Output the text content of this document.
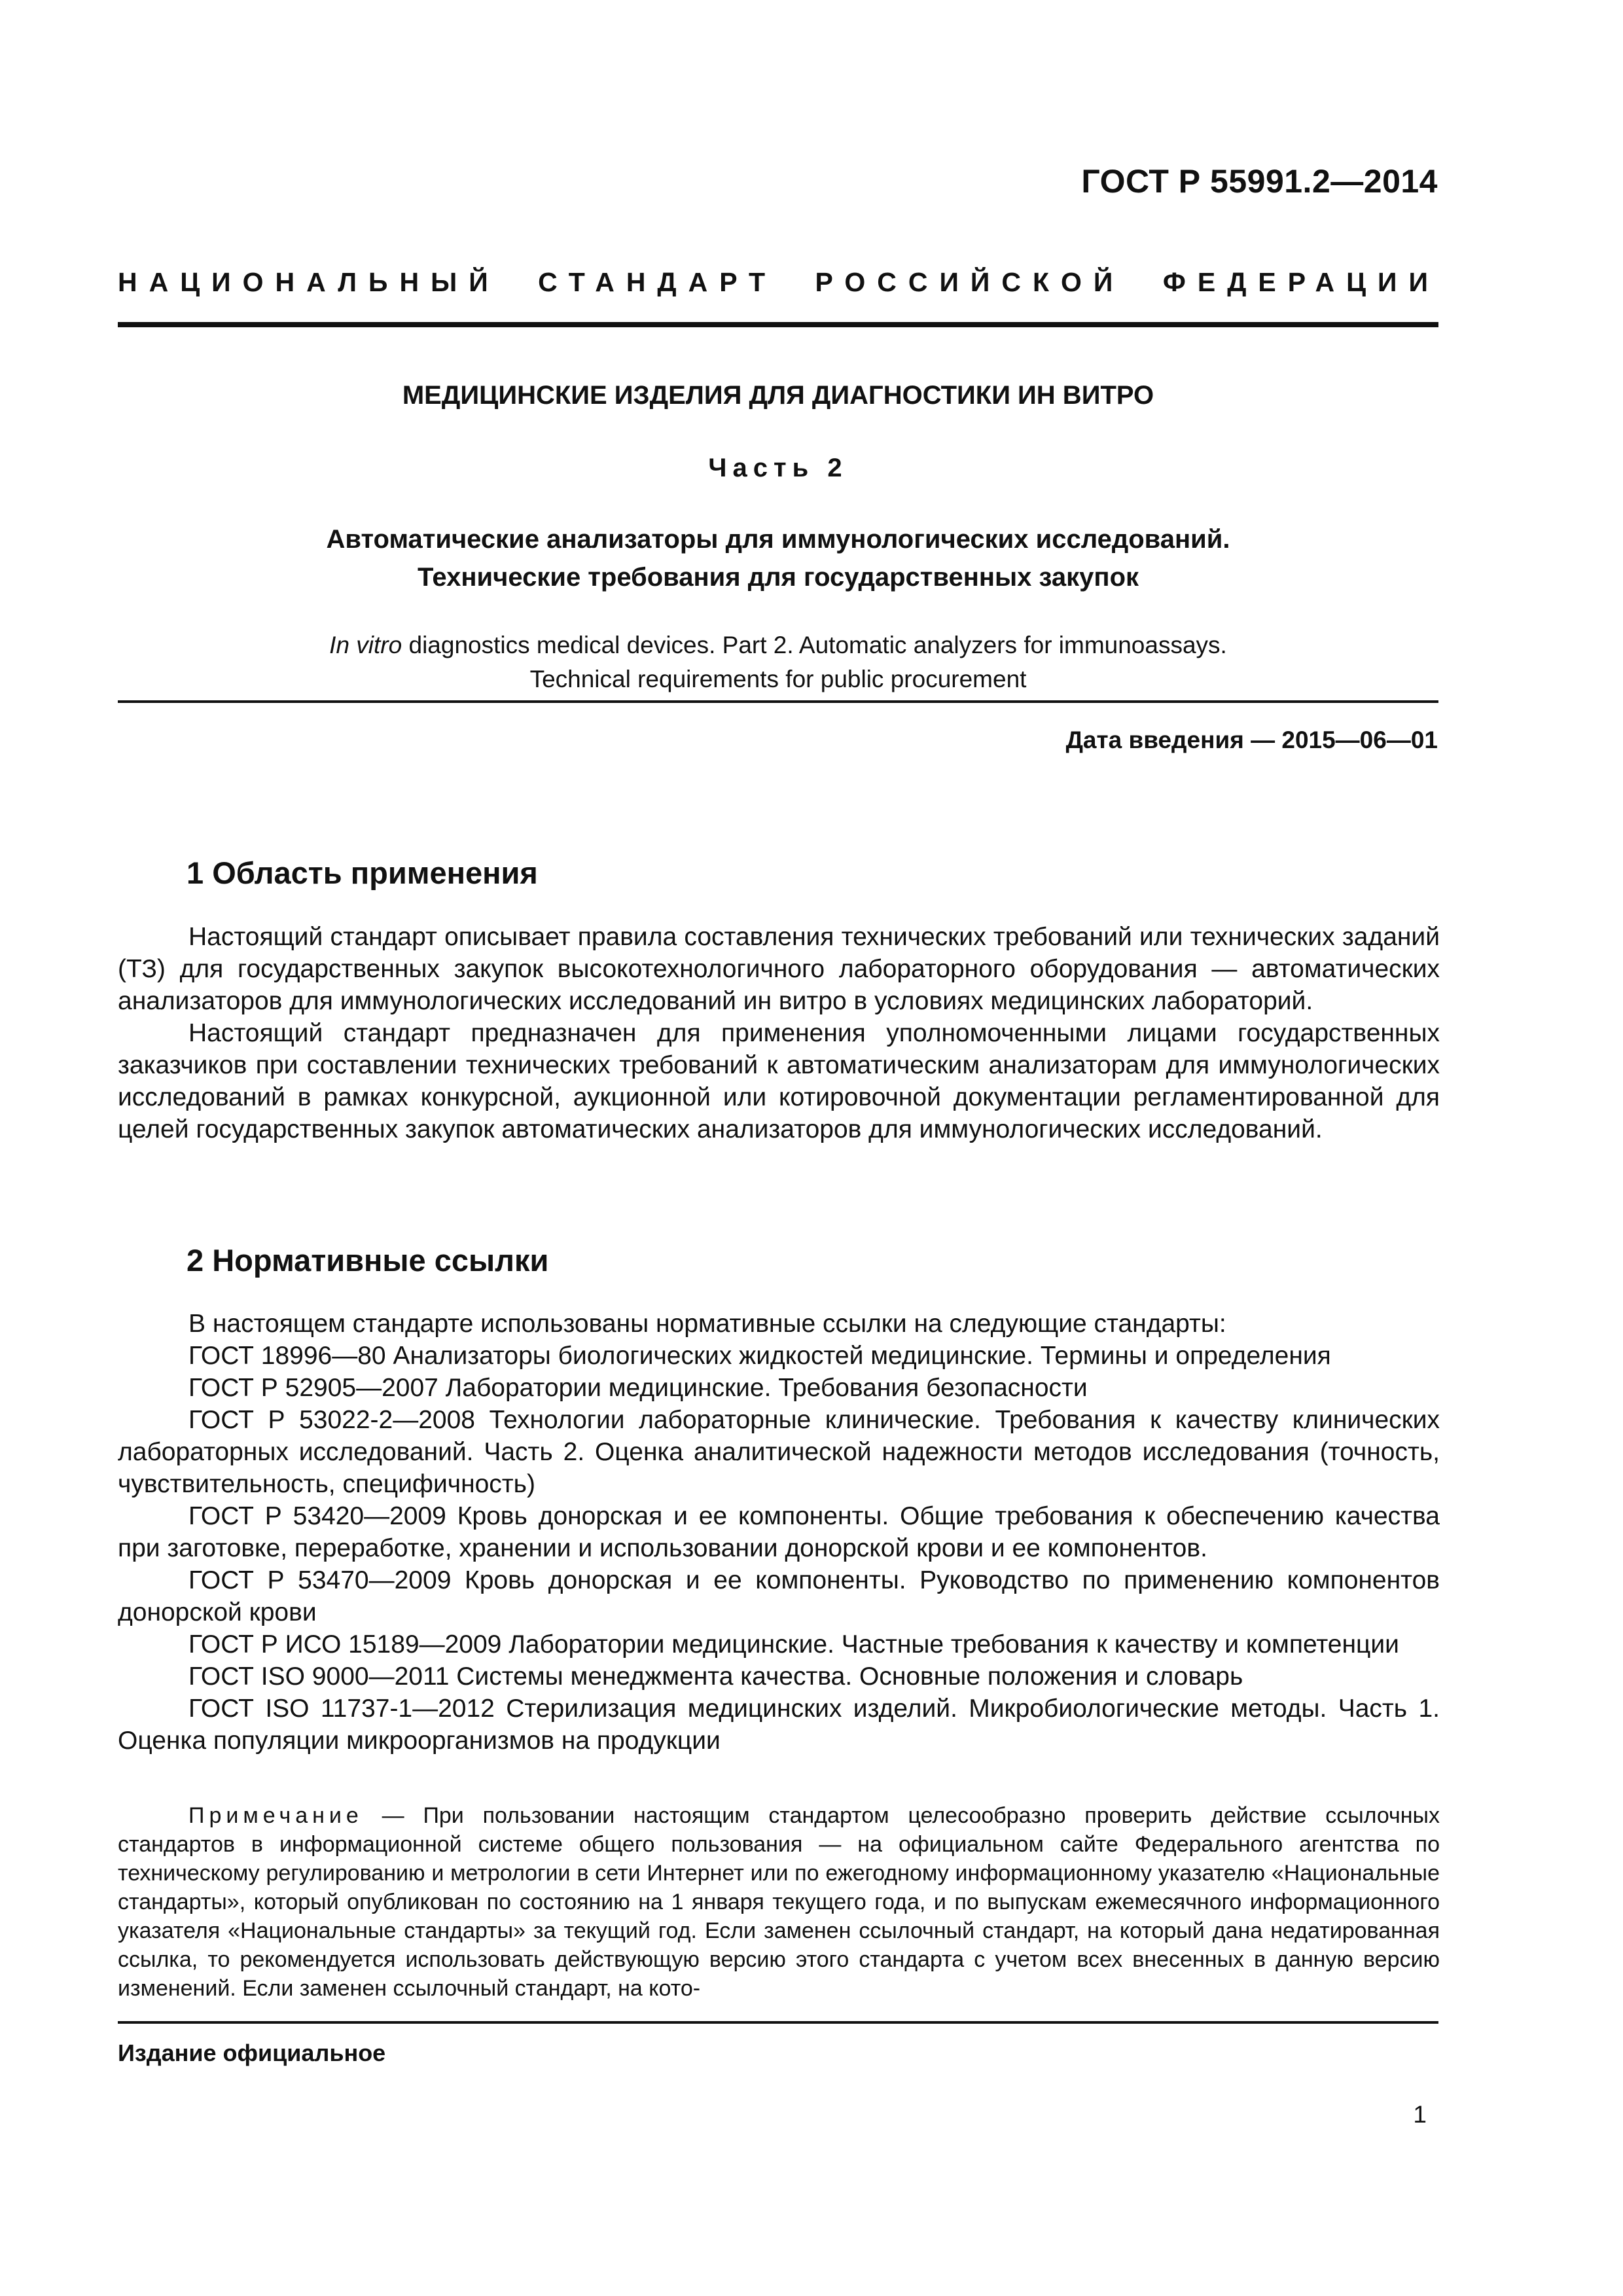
ГОСТ Р 55991.2—2014
НАЦИОНАЛЬНЫЙ СТАНДАРТ РОССИЙСКОЙ ФЕДЕРАЦИИ
МЕДИЦИНСКИЕ ИЗДЕЛИЯ ДЛЯ ДИАГНОСТИКИ ИН ВИТРО
Часть 2
Автоматические анализаторы для иммунологических исследований.
Технические требования для государственных закупок
In vitro diagnostics medical devices. Part 2. Automatic analyzers for immunoassays.
Technical requirements for public procurement
Дата введения — 2015—06—01
1 Область применения

Настоящий стандарт описывает правила составления технических требований или технических заданий (ТЗ) для государственных закупок высокотехнологичного лабораторного оборудования — автоматических анализаторов для иммунологических исследований ин витро в условиях медицинских лабораторий.

Настоящий стандарт предназначен для применения уполномоченными лицами государственных заказчиков при составлении технических требований к автоматическим анализаторам для иммунологических исследований в рамках конкурсной, аукционной или котировочной документации регламентированной для целей государственных закупок автоматических анализаторов для иммунологических исследований.

2 Нормативные ссылки

В настоящем стандарте использованы нормативные ссылки на следующие стандарты:

ГОСТ 18996—80 Анализаторы биологических жидкостей медицинские. Термины и определения

ГОСТ Р 52905—2007 Лаборатории медицинские. Требования безопасности

ГОСТ Р 53022-2—2008 Технологии лабораторные клинические. Требования к качеству клинических лабораторных исследований. Часть 2. Оценка аналитической надежности методов исследования (точность, чувствительность, специфичность)

ГОСТ Р 53420—2009 Кровь донорская и ее компоненты. Общие требования к обеспечению качества при заготовке, переработке, хранении и использовании донорской крови и ее компонентов.

ГОСТ Р 53470—2009 Кровь донорская и ее компоненты. Руководство по применению компонентов донорской крови

ГОСТ Р ИСО 15189—2009 Лаборатории медицинские. Частные требования к качеству и компетенции

ГОСТ ISO 9000—2011 Системы менеджмента качества. Основные положения и словарь

ГОСТ ISO 11737-1—2012 Стерилизация медицинских изделий. Микробиологические методы. Часть 1. Оценка популяции микроорганизмов на продукции

Примечание — При пользовании настоящим стандартом целесообразно проверить действие ссылочных стандартов в информационной системе общего пользования — на официальном сайте Федерального агентства по техническому регулированию и метрологии в сети Интернет или по ежегодному информационному указателю «Национальные стандарты», который опубликован по состоянию на 1 января текущего года, и по выпускам ежемесячного информационного указателя «Национальные стандарты» за текущий год. Если заменен ссылочный стандарт, на который дана недатированная ссылка, то рекомендуется использовать действующую версию этого стандарта с учетом всех внесенных в данную версию изменений. Если заменен ссылочный стандарт, на кото-

Издание официальное
1
